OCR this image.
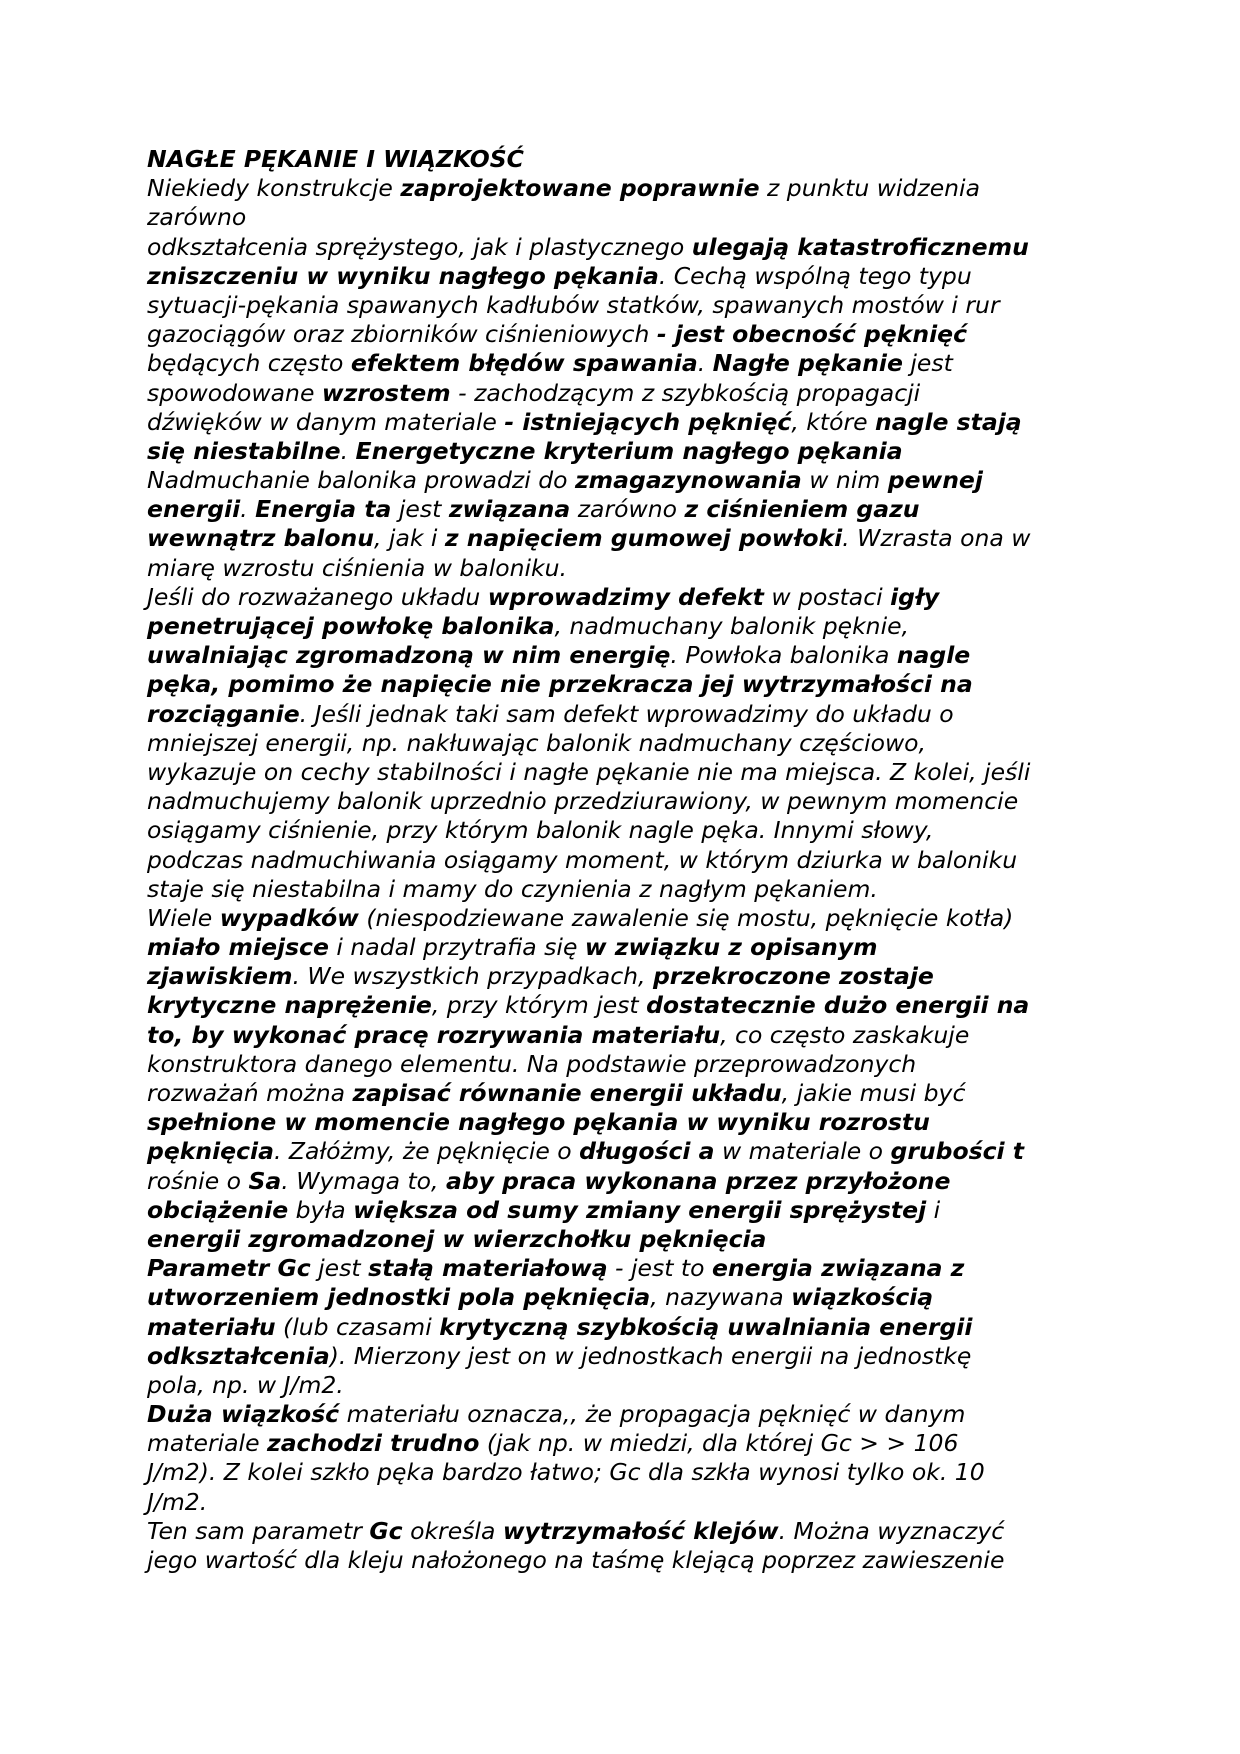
NAGŁE PĘKANIE I WIĄZKOŚĆ
Niekiedy konstrukcje zaprojektowane poprawnie z punktu widzenia
zarówno
odkształcenia sprężystego, jak i plastycznego ulegają katastroficznemu
zniszczeniu w wyniku nagłego pękania. Cechą wspólną tego typu
sytuacji-pękania spawanych kadłubów statków, spawanych mostów i rur
gazociągów oraz zbiorników ciśnieniowych - jest obecność pęknięć
będących często efektem błędów spawania. Nagłe pękanie jest
spowodowane wzrostem - zachodzącym z szybkością propagacji
dźwięków w danym materiale - istniejących pęknięć, które nagle stają
się niestabilne. Energetyczne kryterium nagłego pękania
Nadmuchanie balonika prowadzi do zmagazynowania w nim pewnej
energii. Energia ta jest związana zarówno z ciśnieniem gazu
wewnątrz balonu, jak i z napięciem gumowej powłoki. Wzrasta ona w
miarę wzrostu ciśnienia w baloniku.
Jeśli do rozważanego układu wprowadzimy defekt w postaci igły
penetrującej powłokę balonika, nadmuchany balonik pęknie,
uwalniając zgromadzoną w nim energię. Powłoka balonika nagle
pęka, pomimo że napięcie nie przekracza jej wytrzymałości na
rozciąganie. Jeśli jednak taki sam defekt wprowadzimy do układu o
mniejszej energii, np. nakłuwając balonik nadmuchany częściowo,
wykazuje on cechy stabilności i nagłe pękanie nie ma miejsca. Z kolei, jeśli
nadmuchujemy balonik uprzednio przedziurawiony, w pewnym momencie
osiągamy ciśnienie, przy którym balonik nagle pęka. Innymi słowy,
podczas nadmuchiwania osiągamy moment, w którym dziurka w baloniku
staje się niestabilna i mamy do czynienia z nagłym pękaniem.
Wiele wypadków (niespodziewane zawalenie się mostu, pęknięcie kotła)
miało miejsce i nadal przytrafia się w związku z opisanym
zjawiskiem. We wszystkich przypadkach, przekroczone zostaje
krytyczne naprężenie, przy którym jest dostatecznie dużo energii na
to, by wykonać pracę rozrywania materiału, co często zaskakuje
konstruktora danego elementu. Na podstawie przeprowadzonych
rozważań można zapisać równanie energii układu, jakie musi być
spełnione w momencie nagłego pękania w wyniku rozrostu
pęknięcia. Załóżmy, że pęknięcie o długości a w materiale o grubości t
rośnie o Sa. Wymaga to, aby praca wykonana przez przyłożone
obciążenie była większa od sumy zmiany energii sprężystej i
energii zgromadzonej w wierzchołku pęknięcia
Parametr Gc jest stałą materiałową - jest to energia związana z
utworzeniem jednostki pola pęknięcia, nazywana wiązkością
materiału (lub czasami krytyczną szybkością uwalniania energii
odkształcenia). Mierzony jest on w jednostkach energii na jednostkę
pola, np. w J/m2.
Duża wiązkość materiału oznacza,, że propagacja pęknięć w danym
materiale zachodzi trudno (jak np. w miedzi, dla której Gc > > 106
J/m2). Z kolei szkło pęka bardzo łatwo; Gc dla szkła wynosi tylko ok. 10
J/m2.
Ten sam parametr Gc określa wytrzymałość klejów. Można wyznaczyć
jego wartość dla kleju nałożonego na taśmę klejącą poprzez zawieszenie
